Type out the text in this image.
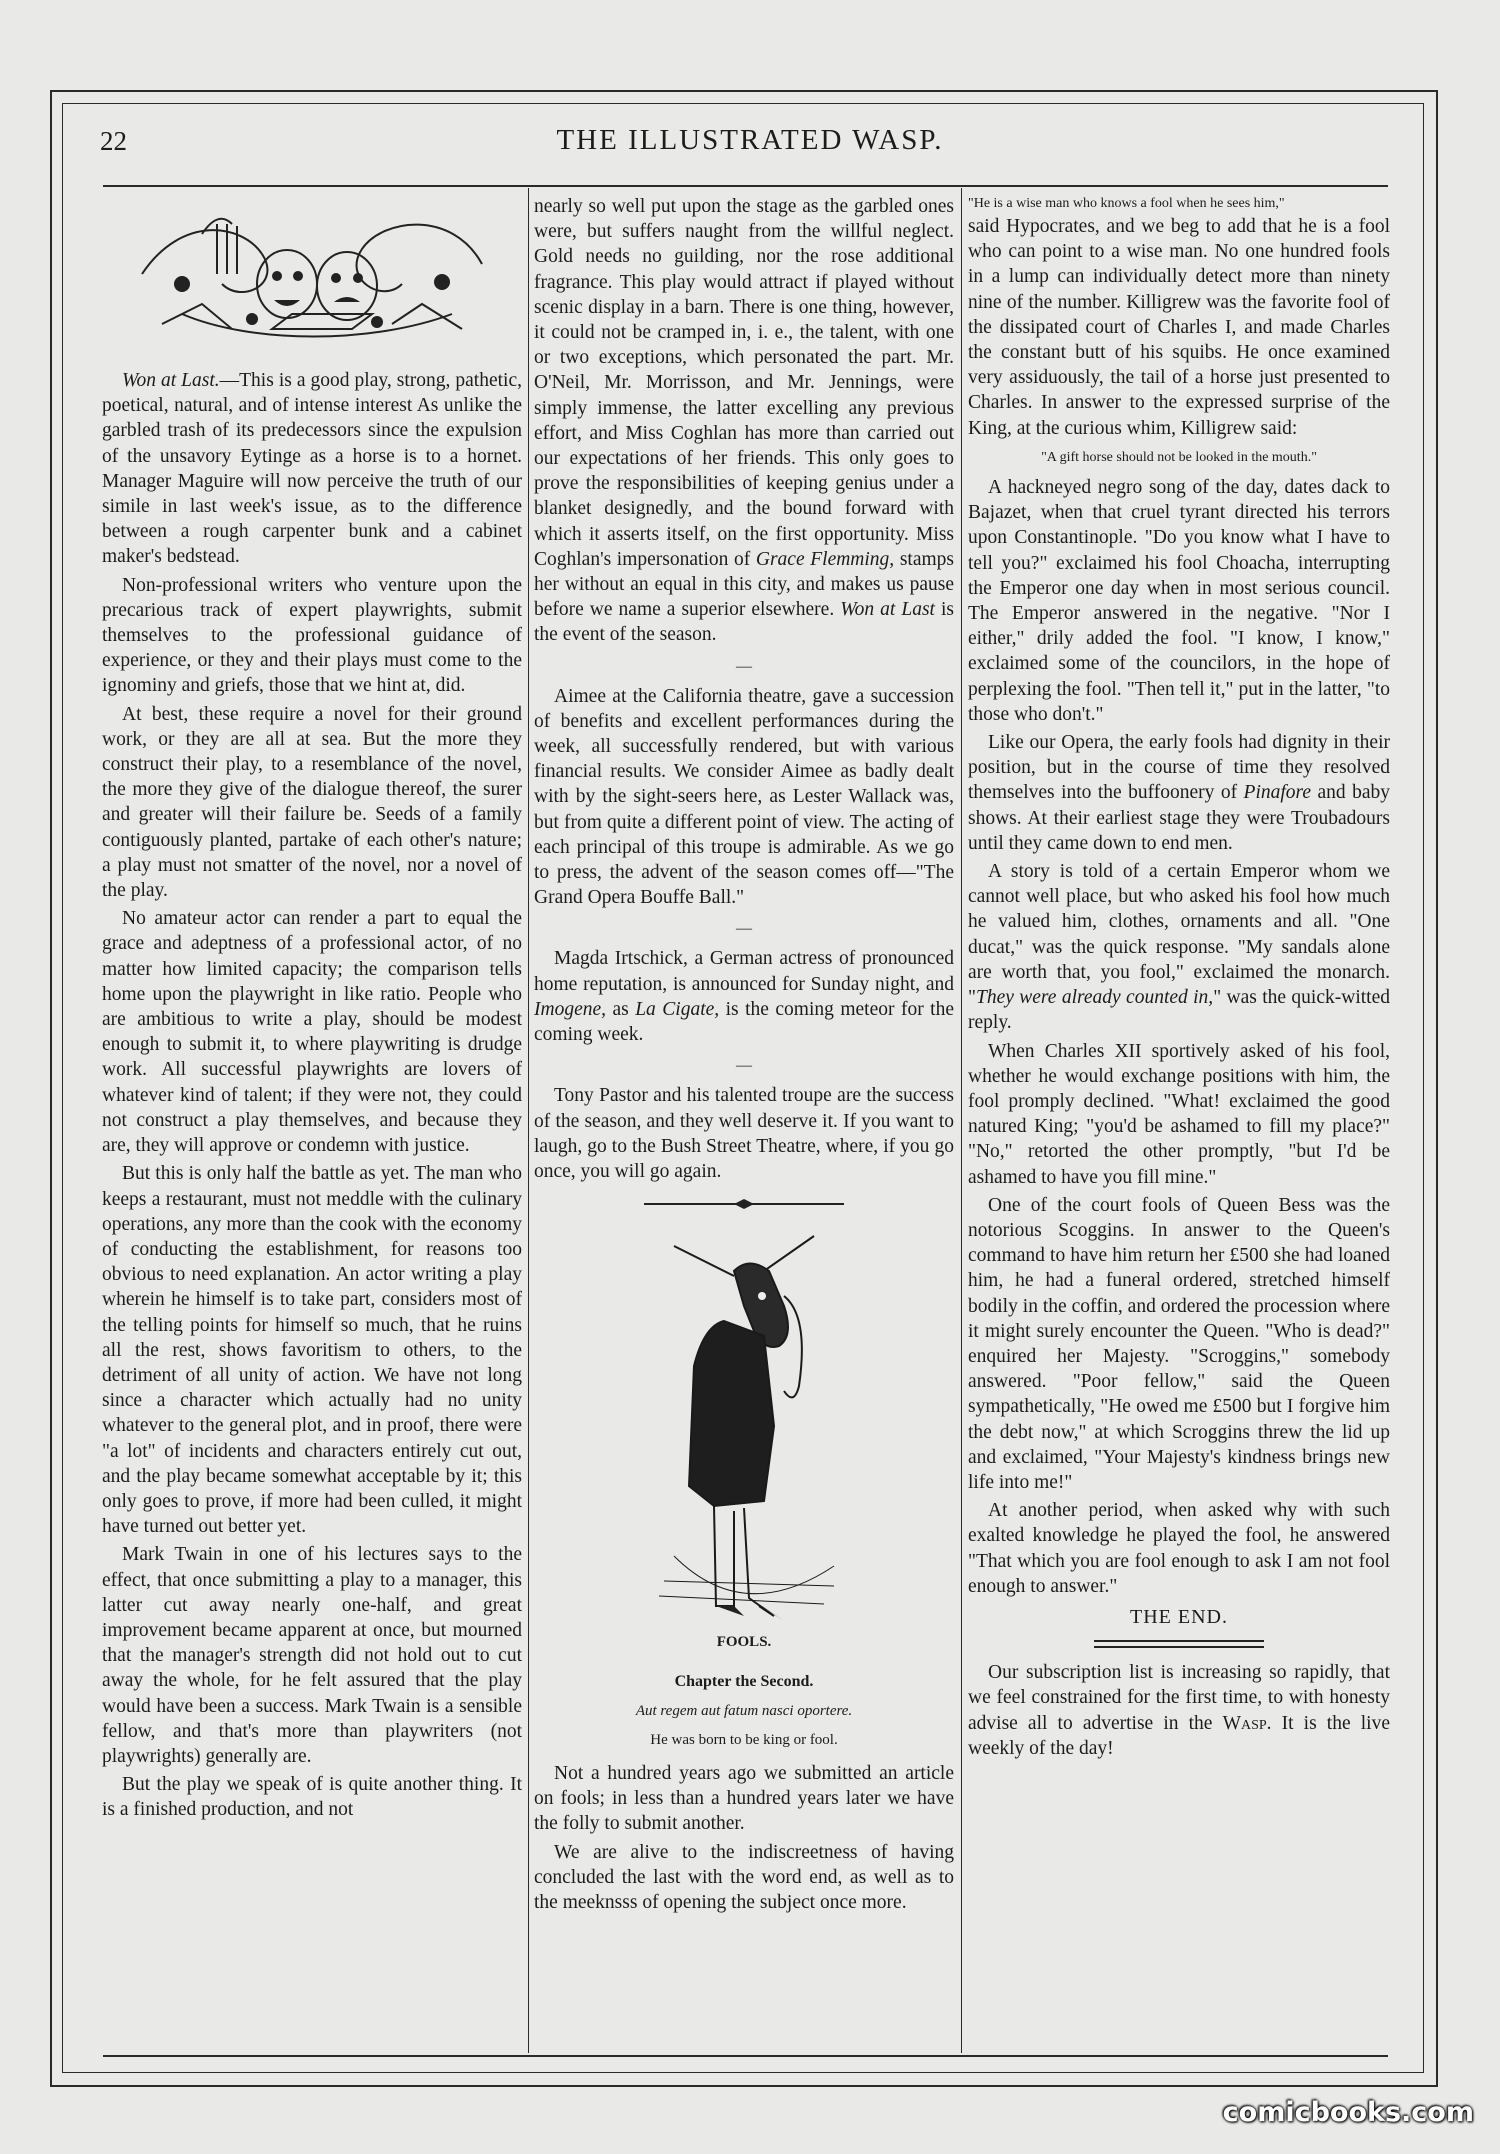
22	THE ILLUSTRATED WASP.

Won at Last.—This is a good play, strong, pathetic, poetical, natural, and of intense interest As unlike the garbled trash of its predecessors since the expulsion of the unsavory Eytinge as a horse is to a hornet. Manager Maguire will now perceive the truth of our simile in last week's issue, as to the difference between a rough carpenter bunk and a cabinet maker's bedstead.

Non-professional writers who venture upon the precarious track of expert playwrights, submit themselves to the professional guidance of experience, or they and their plays must come to the ignominy and griefs, those that we hint at, did.

At best, these require a novel for their ground work, or they are all at sea. But the more they construct their play, to a resemblance of the novel, the more they give of the dialogue thereof, the surer and greater will their failure be. Seeds of a family contiguously planted, partake of each other's nature; a play must not smatter of the novel, nor a novel of the play.

No amateur actor can render a part to equal the grace and adeptness of a professional actor, of no matter how limited capacity; the comparison tells home upon the playwright in like ratio. People who are ambitious to write a play, should be modest enough to submit it, to where playwriting is drudge work. All successful playwrights are lovers of whatever kind of talent; if they were not, they could not construct a play themselves, and because they are, they will approve or condemn with justice.

But this is only half the battle as yet. The man who keeps a restaurant, must not meddle with the culinary operations, any more than the cook with the economy of conducting the establishment, for reasons too obvious to need explanation. An actor writing a play wherein he himself is to take part, considers most of the telling points for himself so much, that he ruins all the rest, shows favoritism to others, to the detriment of all unity of action. We have not long since a character which actually had no unity whatever to the general plot, and in proof, there were "a lot" of incidents and characters entirely cut out, and the play became somewhat acceptable by it; this only goes to prove, if more had been culled, it might have turned out better yet.

Mark Twain in one of his lectures says to the effect, that once submitting a play to a manager, this latter cut away nearly one-half, and great improvement became apparent at once, but mourned that the manager's strength did not hold out to cut away the whole, for he felt assured that the play would have been a success. Mark Twain is a sensible fellow, and that's more than playwriters (not playwrights) generally are.

But the play we speak of is quite another thing. It is a finished production, and not

nearly so well put upon the stage as the garbled ones were, but suffers naught from the willful neglect. Gold needs no guilding, nor the rose additional fragrance. This play would attract if played without scenic display in a barn. There is one thing, however, it could not be cramped in, i. e., the talent, with one or two exceptions, which personated the part. Mr. O'Neil, Mr. Morrisson, and Mr. Jennings, were simply immense, the latter excelling any previous effort, and Miss Coghlan has more than carried out our expectations of her friends. This only goes to prove the responsibilities of keeping genius under a blanket designedly, and the bound forward with which it asserts itself, on the first opportunity. Miss Coghlan's impersonation of Grace Flemming, stamps her without an equal in this city, and makes us pause before we name a superior elsewhere. Won at Last is the event of the season.

—

Aimee at the California theatre, gave a succession of benefits and excellent performances during the week, all successfully rendered, but with various financial results. We consider Aimee as badly dealt with by the sight-seers here, as Lester Wallack was, but from quite a different point of view. The acting of each principal of this troupe is admirable. As we go to press, the advent of the season comes off—"The Grand Opera Bouffe Ball."

—

Magda Irtschick, a German actress of pronounced home reputation, is announced for Sunday night, and Imogene, as La Cigate, is the coming meteor for the coming week.

—

Tony Pastor and his talented troupe are the success of the season, and they well deserve it. If you want to laugh, go to the Bush Street Theatre, where, if you go once, you will go again.

FOOLS.
Chapter the Second.
Aut regem aut fatum nasci oportere.
He was born to be king or fool.

Not a hundred years ago we submitted an article on fools; in less than a hundred years later we have the folly to submit another.

We are alive to the indiscreetness of having concluded the last with the word end, as well as to the meeknsss of opening the subject once more.

"He is a wise man who knows a fool when he sees him,"

said Hypocrates, and we beg to add that he is a fool who can point to a wise man. No one hundred fools in a lump can individually detect more than ninety nine of the number. Killigrew was the favorite fool of the dissipated court of Charles I, and made Charles the constant butt of his squibs. He once examined very assiduously, the tail of a horse just presented to Charles. In answer to the expressed surprise of the King, at the curious whim, Killigrew said:

"A gift horse should not be looked in the mouth."

A hackneyed negro song of the day, dates dack to Bajazet, when that cruel tyrant directed his terrors upon Constantinople. "Do you know what I have to tell you?" exclaimed his fool Choacha, interrupting the Emperor one day when in most serious council. The Emperor answered in the negative. "Nor I either," drily added the fool. "I know, I know," exclaimed some of the councilors, in the hope of perplexing the fool. "Then tell it," put in the latter, "to those who don't."

Like our Opera, the early fools had dignity in their position, but in the course of time they resolved themselves into the buffoonery of Pinafore and baby shows. At their earliest stage they were Troubadours until they came down to end men.

A story is told of a certain Emperor whom we cannot well place, but who asked his fool how much he valued him, clothes, ornaments and all. "One ducat," was the quick response. "My sandals alone are worth that, you fool," exclaimed the monarch. "They were already counted in," was the quick-witted reply.

When Charles XII sportively asked of his fool, whether he would exchange positions with him, the fool promply declined. "What! exclaimed the good natured King; "you'd be ashamed to fill my place?" "No," retorted the other promptly, "but I'd be ashamed to have you fill mine."

One of the court fools of Queen Bess was the notorious Scoggins. In answer to the Queen's command to have him return her £500 she had loaned him, he had a funeral ordered, stretched himself bodily in the coffin, and ordered the procession where it might surely encounter the Queen. "Who is dead?" enquired her Majesty. "Scroggins," somebody answered. "Poor fellow," said the Queen sympathetically, "He owed me £500 but I forgive him the debt now," at which Scroggins threw the lid up and exclaimed, "Your Majesty's kindness brings new life into me!"

At another period, when asked why with such exalted knowledge he played the fool, he answered "That which you are fool enough to ask I am not fool enough to answer."

THE END.

Our subscription list is increasing so rapidly, that we feel constrained for the first time, to with honesty advise all to advertise in the Wasp. It is the live weekly of the day!

comicbooks.com
